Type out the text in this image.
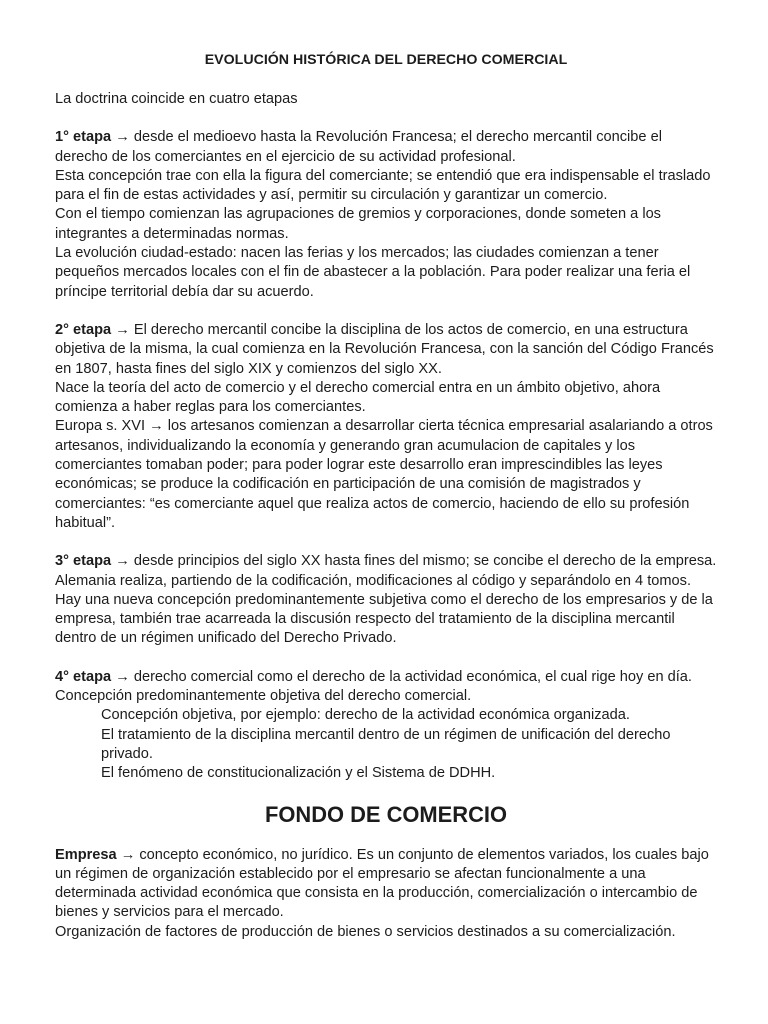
EVOLUCIÓN HISTÓRICA DEL DERECHO COMERCIAL

La doctrina coincide en cuatro etapas

1° etapa → desde el medioevo hasta la Revolución Francesa; el derecho mercantil concibe el derecho de los comerciantes en el ejercicio de su actividad profesional.

Esta concepción trae con ella la figura del comerciante; se entendió que era indispensable el traslado para el fin de estas actividades y así, permitir su circulación y garantizar un comercio.

Con el tiempo comienzan las agrupaciones de gremios y corporaciones, donde someten a los integrantes a determinadas normas.

La evolución ciudad-estado: nacen las ferias y los mercados; las ciudades comienzan a tener pequeños mercados locales con el fin de abastecer a la población. Para poder realizar una feria el príncipe territorial debía dar su acuerdo.

2° etapa → El derecho mercantil concibe la disciplina de los actos de comercio, en una estructura objetiva de la misma, la cual comienza en la Revolución Francesa, con la sanción del Código Francés en 1807, hasta fines del siglo XIX y comienzos del siglo XX.

Nace la teoría del acto de comercio y el derecho comercial entra en un ámbito objetivo, ahora comienza a haber reglas para los comerciantes.

Europa s. XVI → los artesanos comienzan a desarrollar cierta técnica empresarial asalariando a otros artesanos, individualizando la economía y generando gran acumulacion de capitales y los comerciantes tomaban poder; para poder lograr este desarrollo eran imprescindibles las leyes económicas; se produce la codificación en participación de una comisión de magistrados y comerciantes: “es comerciante aquel que realiza actos de comercio, haciendo de ello su profesión habitual”.

3° etapa → desde principios del siglo XX hasta fines del mismo; se concibe el derecho de la empresa. Alemania realiza, partiendo de la codificación, modificaciones al código y separándolo en 4 tomos.

Hay una nueva concepción predominantemente subjetiva como el derecho de los empresarios y de la empresa, también trae acarreada la discusión respecto del tratamiento de la disciplina mercantil dentro de un régimen unificado del Derecho Privado.

4° etapa → derecho comercial como el derecho de la actividad económica, el cual rige hoy en día. Concepción predominantemente objetiva del derecho comercial.

Concepción objetiva, por ejemplo: derecho de la actividad económica organizada.

El tratamiento de la disciplina mercantil dentro de un régimen de unificación del derecho privado.

El fenómeno de constitucionalización y el Sistema de DDHH.

FONDO DE COMERCIO

Empresa → concepto económico, no jurídico. Es un conjunto de elementos variados, los cuales bajo un régimen de organización establecido por el empresario se afectan funcionalmente a una determinada actividad económica que consista en la producción, comercialización o intercambio de bienes y servicios para el mercado.

Organización de factores de producción de bienes o servicios destinados a su comercialización.
